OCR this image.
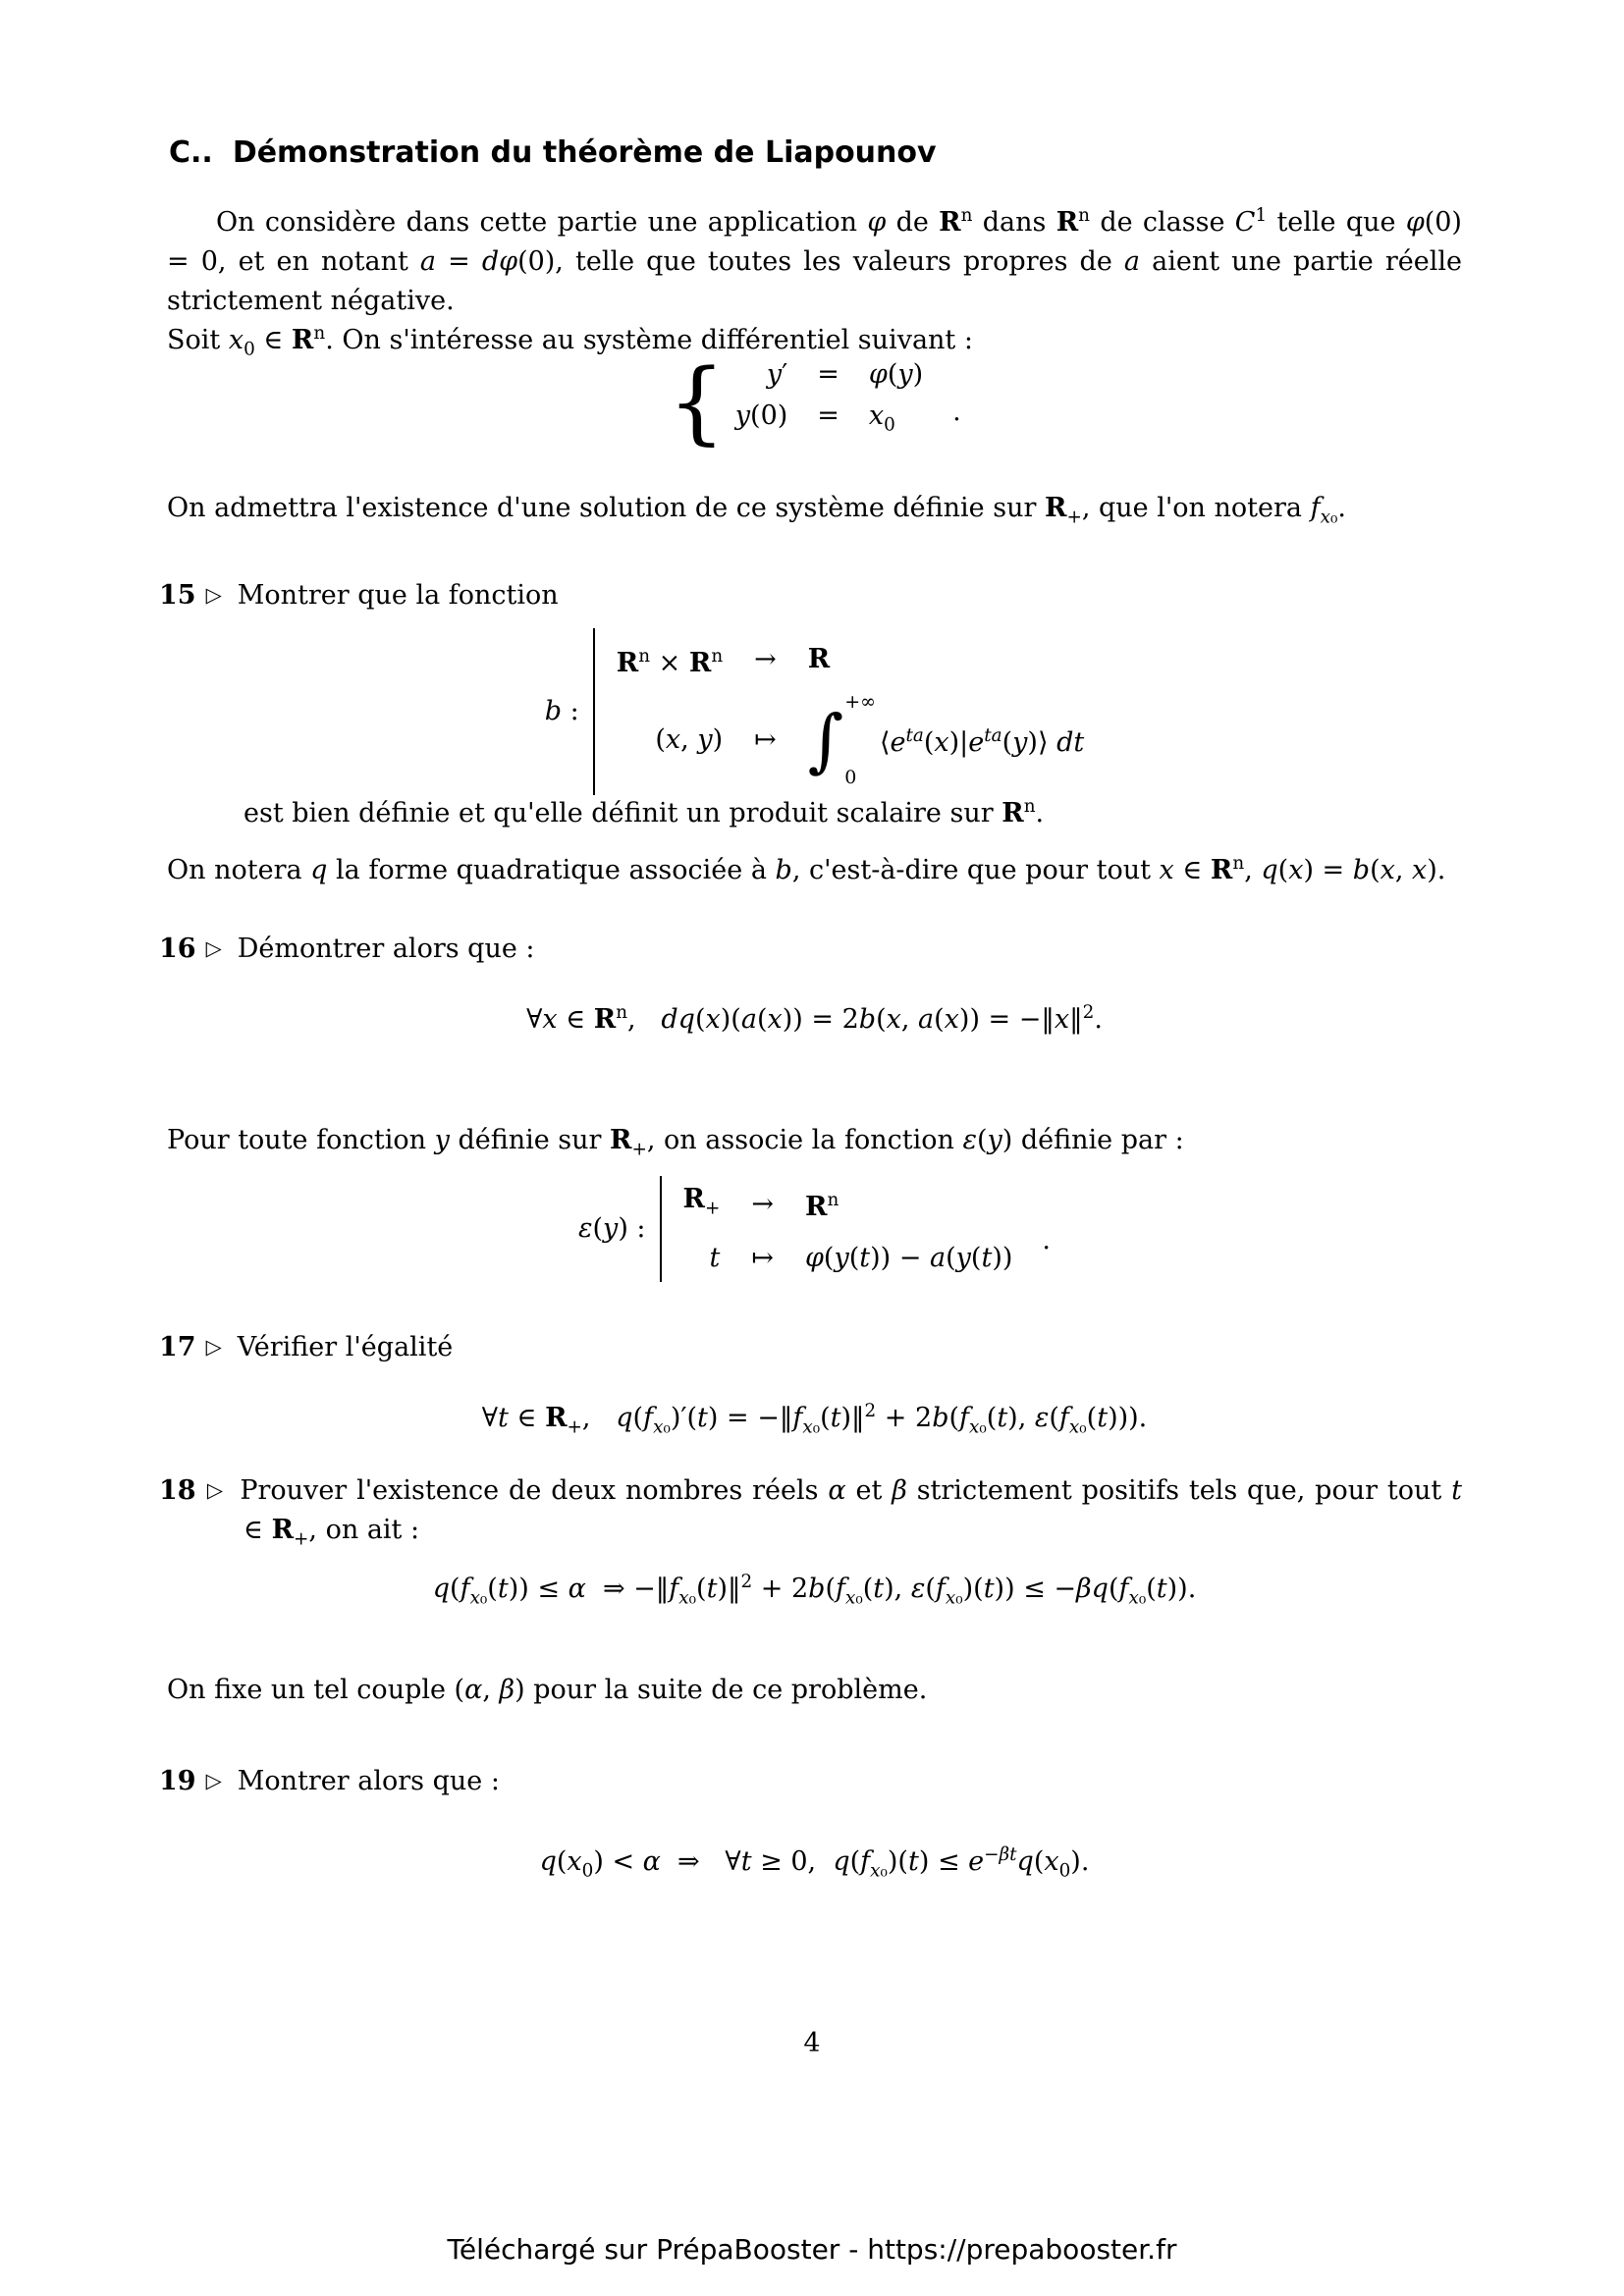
C.. Démonstration du théorème de Liapounov
On considère dans cette partie une application φ de $R^n$ dans $R^n$ de classe $C^1$ telle que φ(0) = 0, et en notant a = dφ(0), telle que toutes les valeurs propres de a aient une partie réelle strictement négative.
Soit $x_0$ ∈ $R^n$. On s'intéresse au système différentiel suivant :
{	y′ = φ(y)
$y(0) = x_0$	.
On admettra l'existence d'une solution de ce système définie sur $R_+$, que l'on notera $f_{x_0}$.
15 ▷ Montrer que la fonction
b :
$R^n \times R^n \to R$
(x, y) ↦ ∫ +∞
0
$⟨e^{ta}(x)|e^{ta}(y)⟩$ dt
est bien définie et qu'elle définit un produit scalaire sur $R^n$.
On notera q la forme quadratique associée à b, c'est-à-dire que pour tout x ∈ $R^n$, q(x) = b(x, x).
16 ▷ Démontrer alors que :
∀x ∈ $R^n$,   dq(x)(a(x)) = 2b(x, a(x)) = −‖x‖$^2$.
Pour toute fonction y définie sur $R_+$, on associe la fonction ε(y) définie par :
ε(y) :
$R_+ \to R^n$
t ↦ φ(y(t)) − a(y(t))
.
17 ▷ Vérifier l'égalité
∀t ∈ $R_+$,   $q(f_{x_0})'(t)$ = $-‖f_{x_0}(t)‖^2 + 2b(f_{x_0}(t)$, $\varepsilon(f_{x_0}(t))$).
18 ▷ Prouver l'existence de deux nombres réels α et β strictement positifs tels que, pour tout t ∈ $R_+$, on ait :
$q(f_{x_0}(t)) \le \alpha$  ⇒ $-‖f_{x_0}(t)‖^2 + 2b(f_{x_0}(t)$, $\varepsilon(f_{x_0})(t)) \le -\beta q(f_{x_0}(t))$.
On fixe un tel couple (α, β) pour la suite de ce problème.
19 ▷ Montrer alors que :
$q(x_0) < \alpha$  ⇒   ∀t ≥ 0,  $q(f_{x_0})(t) \le e^{-\beta t}q(x_0)$.
4
Téléchargé sur PrépaBooster - https://prepabooster.fr
